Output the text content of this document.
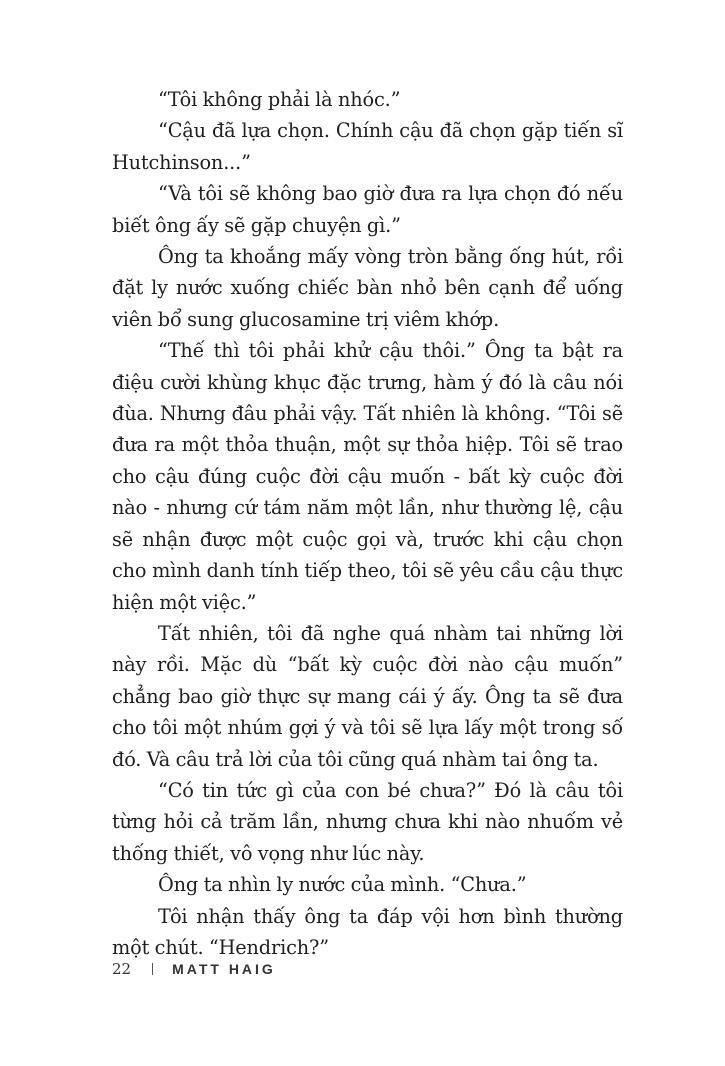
“Tôi không phải là nhóc.”

“Cậu đã lựa chọn. Chính cậu đã chọn gặp tiến sĩ Hutchinson...”

“Và tôi sẽ không bao giờ đưa ra lựa chọn đó nếu biết ông ấy sẽ gặp chuyện gì.”

Ông ta khoắng mấy vòng tròn bằng ống hút, rồi đặt ly nước xuống chiếc bàn nhỏ bên cạnh để uống viên bổ sung glucosamine trị viêm khớp.

“Thế thì tôi phải khử cậu thôi.” Ông ta bật ra điệu cười khùng khục đặc trưng, hàm ý đó là câu nói đùa. Nhưng đâu phải vậy. Tất nhiên là không. “Tôi sẽ đưa ra một thỏa thuận, một sự thỏa hiệp. Tôi sẽ trao cho cậu đúng cuộc đời cậu muốn - bất kỳ cuộc đời nào - nhưng cứ tám năm một lần, như thường lệ, cậu sẽ nhận được một cuộc gọi và, trước khi cậu chọn cho mình danh tính tiếp theo, tôi sẽ yêu cầu cậu thực hiện một việc.”

Tất nhiên, tôi đã nghe quá nhàm tai những lời này rồi. Mặc dù “bất kỳ cuộc đời nào cậu muốn” chẳng bao giờ thực sự mang cái ý ấy. Ông ta sẽ đưa cho tôi một nhúm gợi ý và tôi sẽ lựa lấy một trong số đó. Và câu trả lời của tôi cũng quá nhàm tai ông ta.

“Có tin tức gì của con bé chưa?” Đó là câu tôi từng hỏi cả trăm lần, nhưng chưa khi nào nhuốm vẻ thống thiết, vô vọng như lúc này.

Ông ta nhìn ly nước của mình. “Chưa.”

Tôi nhận thấy ông ta đáp vội hơn bình thường một chút. “Hendrich?”

22	MATT HAIG
